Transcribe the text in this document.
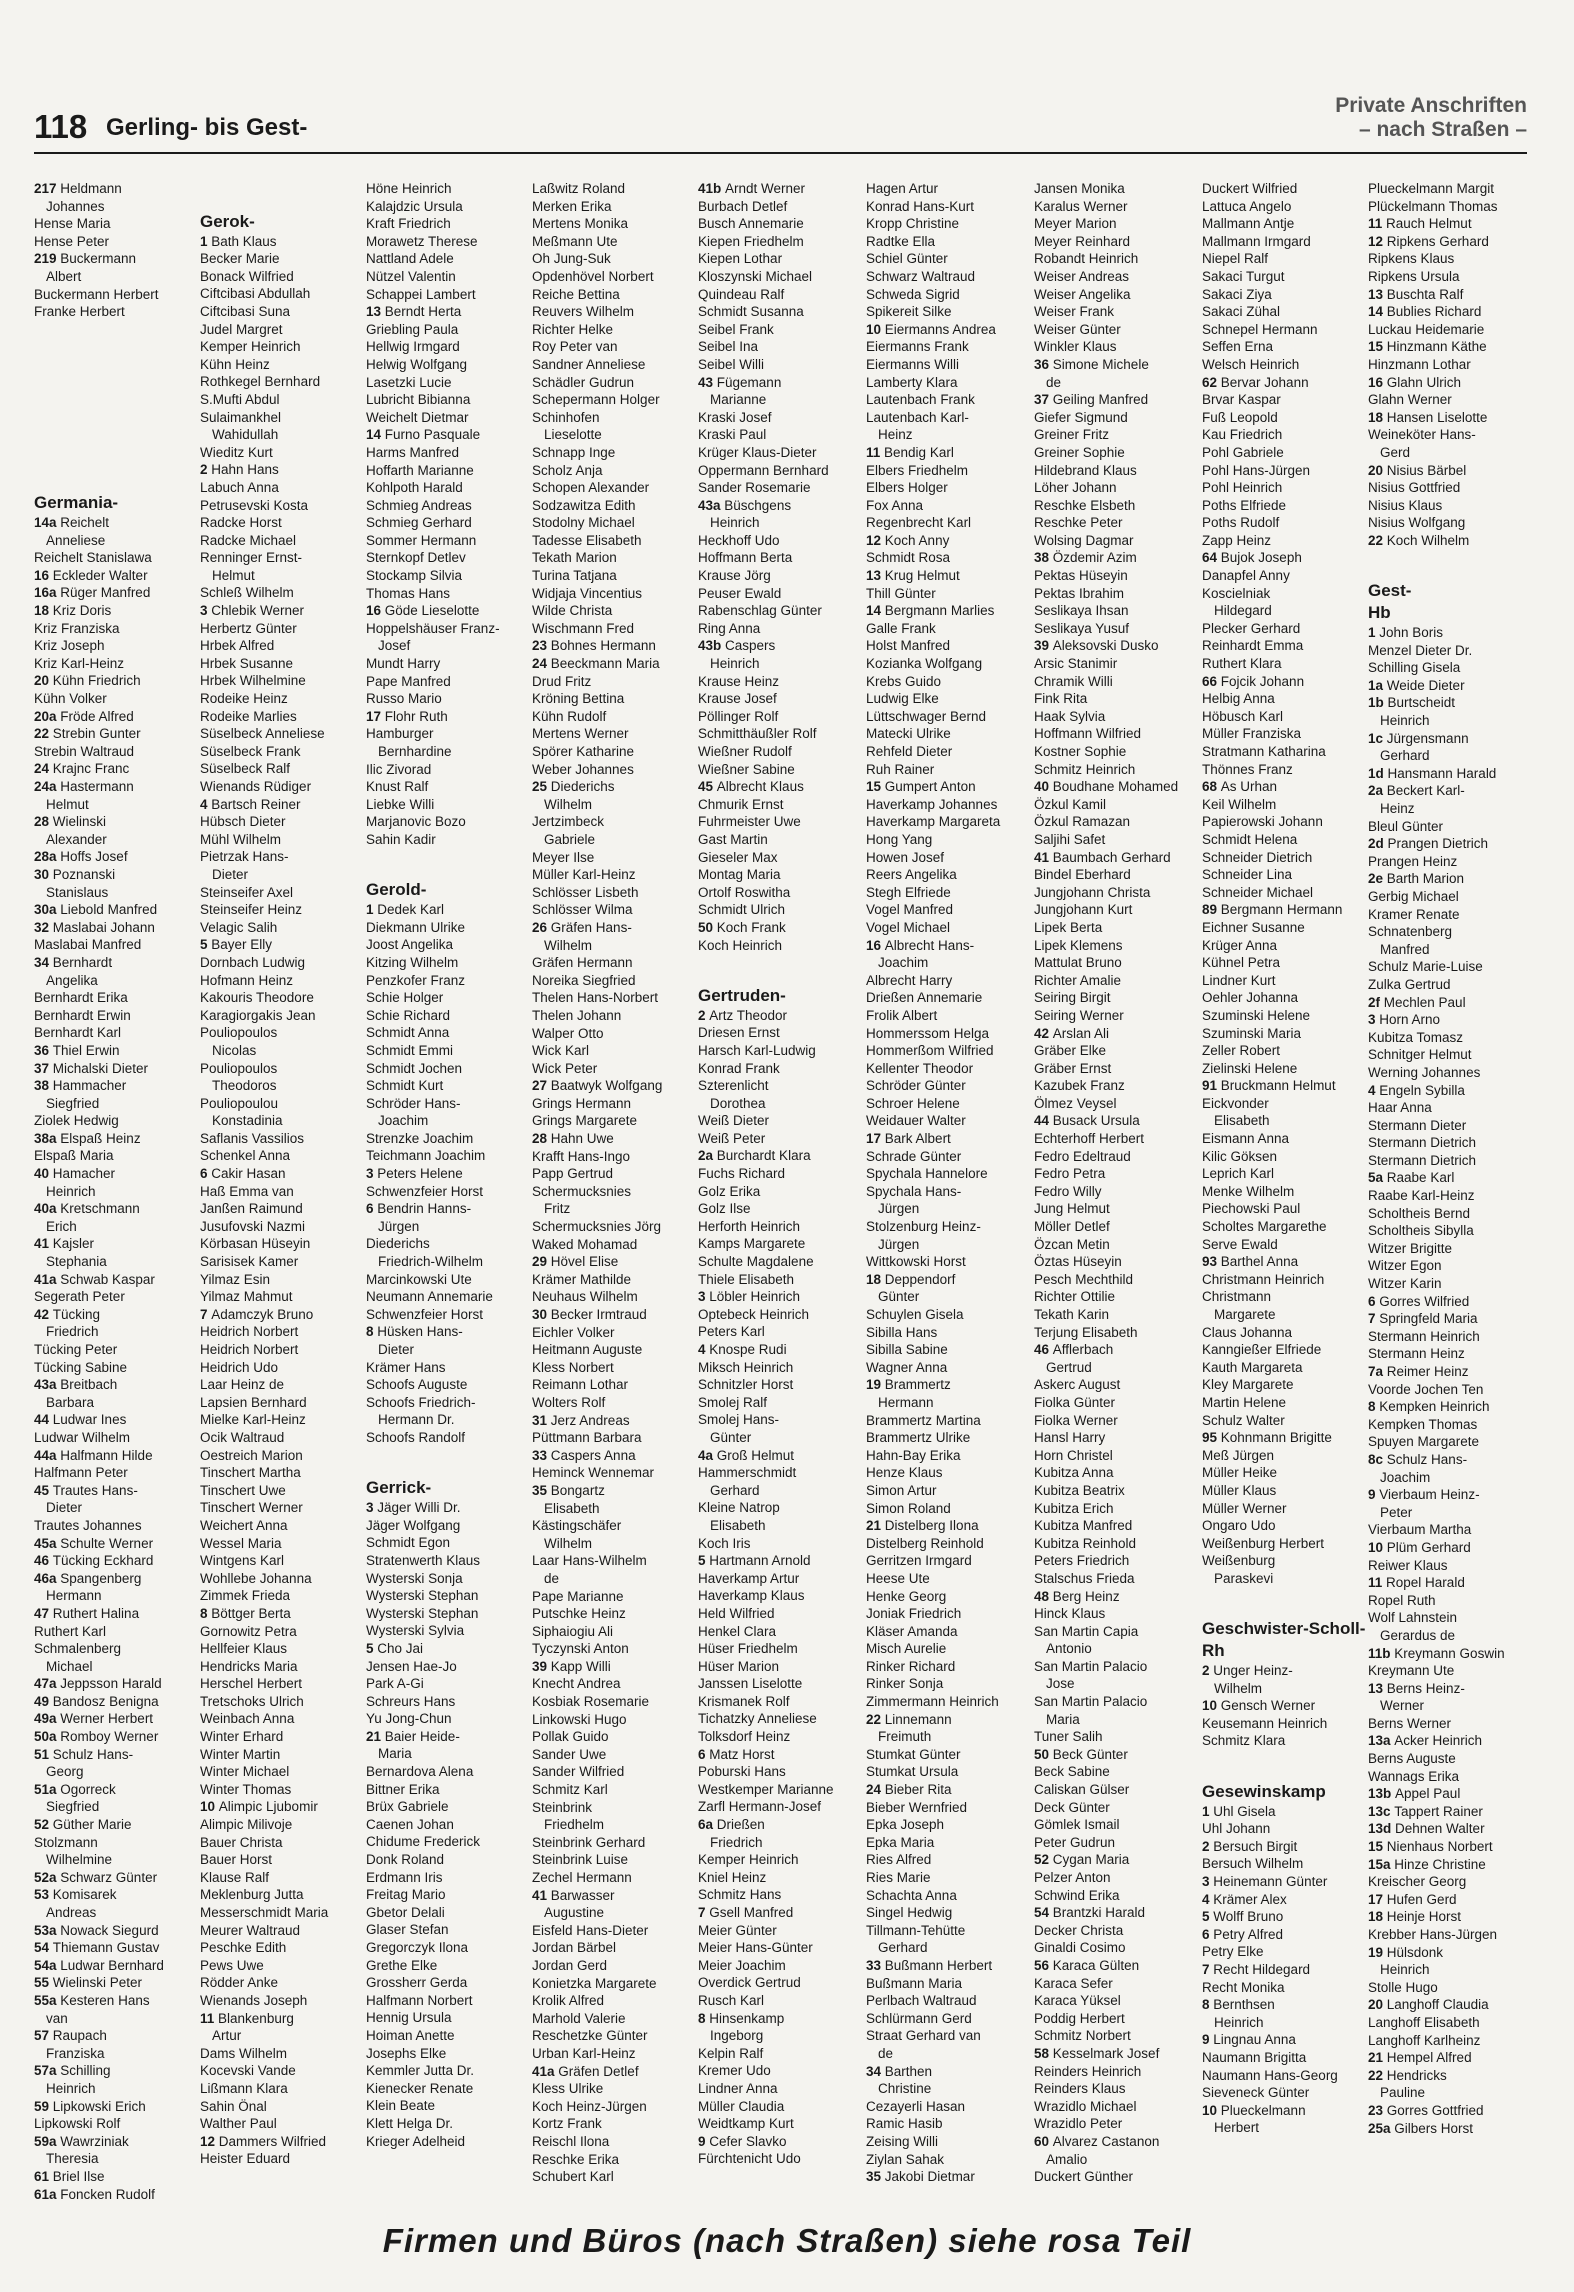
118 Gerling- bis Gest-
Private Anschriften
– nach Straßen –
217 Heldmann
Johannes
Hense Maria
Hense Peter
219 Buckermann
Albert
Buckermann Herbert
Franke Herbert
Germania-
14a Reichelt
Anneliese
Reichelt Stanislawa
16 Eckleder Walter
16a Rüger Manfred
18 Kriz Doris
Kriz Franziska
Kriz Joseph
Kriz Karl-Heinz
20 Kühn Friedrich
Kühn Volker
20a Fröde Alfred
22 Strebin Gunter
Strebin Waltraud
24 Krajnc Franc
24a Hastermann
Helmut
28 Wielinski
Alexander
28a Hoffs Josef
30 Poznanski
Stanislaus
30a Liebold Manfred
32 Maslabai Johann
Maslabai Manfred
34 Bernhardt
Angelika
Bernhardt Erika
Bernhardt Erwin
Bernhardt Karl
36 Thiel Erwin
37 Michalski Dieter
38 Hammacher
Siegfried
Ziolek Hedwig
38a Elspaß Heinz
Elspaß Maria
40 Hamacher
Heinrich
40a Kretschmann
Erich
41 Kajsler
Stephania
41a Schwab Kaspar
Segerath Peter
42 Tücking
Friedrich
Tücking Peter
Tücking Sabine
43a Breitbach
Barbara
44 Ludwar Ines
Ludwar Wilhelm
44a Halfmann Hilde
Halfmann Peter
45 Trautes Hans-
Dieter
Trautes Johannes
45a Schulte Werner
46 Tücking Eckhard
46a Spangenberg
Hermann
47 Ruthert Halina
Ruthert Karl
Schmalenberg
Michael
47a Jeppsson Harald
49 Bandosz Benigna
49a Werner Herbert
50a Romboy Werner
51 Schulz Hans-
Georg
51a Ogorreck
Siegfried
52 Güther Marie
Stolzmann
Wilhelmine
52a Schwarz Günter
53 Komisarek
Andreas
53a Nowack Siegurd
54 Thiemann Gustav
54a Ludwar Bernhard
55 Wielinski Peter
55a Kesteren Hans
van
57 Raupach
Franziska
57a Schilling
Heinrich
59 Lipkowski Erich
Lipkowski Rolf
59a Wawrziniak
Theresia
61 Briel Ilse
61a Foncken Rudolf
Gerok-
1 Bath Klaus
Becker Marie
Bonack Wilfried
Ciftcibasi Abdullah
Ciftcibasi Suna
Judel Margret
Kemper Heinrich
Kühn Heinz
Rothkegel Bernhard
S.Mufti Abdul
Sulaimankhel
Wahidullah
Wieditz Kurt
2 Hahn Hans
Labuch Anna
Petrusevski Kosta
Radcke Horst
Radcke Michael
Renninger Ernst-
Helmut
Schleß Wilhelm
3 Chlebik Werner
Herbertz Günter
Hrbek Alfred
Hrbek Susanne
Hrbek Wilhelmine
Rodeike Heinz
Rodeike Marlies
Süselbeck Anneliese
Süselbeck Frank
Süselbeck Ralf
Wienands Rüdiger
4 Bartsch Reiner
Hübsch Dieter
Mühl Wilhelm
Pietrzak Hans-
Dieter
Steinseifer Axel
Steinseifer Heinz
Velagic Salih
5 Bayer Elly
Dornbach Ludwig
Hofmann Heinz
Kakouris Theodore
Karagiorgakis Jean
Pouliopoulos
Nicolas
Pouliopoulos
Theodoros
Pouliopoulou
Konstadinia
Saflanis Vassilios
Schenkel Anna
6 Cakir Hasan
Haß Emma van
Janßen Raimund
Jusufovski Nazmi
Körbasan Hüseyin
Sarisisek Kamer
Yilmaz Esin
Yilmaz Mahmut
7 Adamczyk Bruno
Heidrich Norbert
Heidrich Norbert
Heidrich Udo
Laar Heinz de
Lapsien Bernhard
Mielke Karl-Heinz
Ocik Waltraud
Oestreich Marion
Tinschert Martha
Tinschert Uwe
Tinschert Werner
Weichert Anna
Wessel Maria
Wintgens Karl
Wohllebe Johanna
Zimmek Frieda
8 Böttger Berta
Gornowitz Petra
Hellfeier Klaus
Hendricks Maria
Herschel Herbert
Tretschoks Ulrich
Weinbach Anna
Winter Erhard
Winter Martin
Winter Michael
Winter Thomas
10 Alimpic Ljubomir
Alimpic Milivoje
Bauer Christa
Bauer Horst
Klause Ralf
Meklenburg Jutta
Messerschmidt Maria
Meurer Waltraud
Peschke Edith
Pews Uwe
Rödder Anke
Wienands Joseph
11 Blankenburg
Artur
Dams Wilhelm
Kocevski Vande
Lißmann Klara
Sahin Önal
Walther Paul
12 Dammers Wilfried
Heister Eduard
Höne Heinrich
Kalajdzic Ursula
Kraft Friedrich
Morawetz Therese
Nattland Adele
Nützel Valentin
Schappei Lambert
13 Berndt Herta
Griebling Paula
Hellwig Irmgard
Helwig Wolfgang
Lasetzki Lucie
Lubricht Bibianna
Weichelt Dietmar
14 Furno Pasquale
Harms Manfred
Hoffarth Marianne
Kohlpoth Harald
Schmieg Andreas
Schmieg Gerhard
Sommer Hermann
Sternkopf Detlev
Stockamp Silvia
Thomas Hans
16 Göde Lieselotte
Hoppelshäuser Franz-
Josef
Mundt Harry
Pape Manfred
Russo Mario
17 Flohr Ruth
Hamburger
Bernhardine
Ilic Zivorad
Knust Ralf
Liebke Willi
Marjanovic Bozo
Sahin Kadir
Gerold-
1 Dedek Karl
Diekmann Ulrike
Joost Angelika
Kitzing Wilhelm
Penzkofer Franz
Schie Holger
Schie Richard
Schmidt Anna
Schmidt Emmi
Schmidt Jochen
Schmidt Kurt
Schröder Hans-
Joachim
Strenzke Joachim
Teichmann Joachim
3 Peters Helene
Schwenzfeier Horst
6 Bendrin Hanns-
Jürgen
Diederichs
Friedrich-Wilhelm
Marcinkowski Ute
Neumann Annemarie
Schwenzfeier Horst
8 Hüsken Hans-
Dieter
Krämer Hans
Schoofs Auguste
Schoofs Friedrich-
Hermann Dr.
Schoofs Randolf
Gerrick-
3 Jäger Willi Dr.
Jäger Wolfgang
Schmidt Egon
Stratenwerth Klaus
Wysterski Sonja
Wysterski Stephan
Wysterski Stephan
Wysterski Sylvia
5 Cho Jai
Jensen Hae-Jo
Park A-Gi
Schreurs Hans
Yu Jong-Chun
21 Baier Heide-
Maria
Bernardova Alena
Bittner Erika
Brüx Gabriele
Caenen Johan
Chidume Frederick
Donk Roland
Erdmann Iris
Freitag Mario
Gbetor Delali
Glaser Stefan
Gregorczyk Ilona
Grethe Elke
Grossherr Gerda
Halfmann Norbert
Hennig Ursula
Hoiman Anette
Josephs Elke
Kemmler Jutta Dr.
Kienecker Renate
Klein Beate
Klett Helga Dr.
Krieger Adelheid
Laßwitz Roland
Merken Erika
Mertens Monika
Meßmann Ute
Oh Jung-Suk
Opdenhövel Norbert
Reiche Bettina
Reuvers Wilhelm
Richter Helke
Roy Peter van
Sandner Anneliese
Schädler Gudrun
Schepermann Holger
Schinhofen
Lieselotte
Schnapp Inge
Scholz Anja
Schopen Alexander
Sodzawitza Edith
Stodolny Michael
Tadesse Elisabeth
Tekath Marion
Turina Tatjana
Widjaja Vincentius
Wilde Christa
Wischmann Fred
23 Bohnes Hermann
24 Beeckmann Maria
Drud Fritz
Kröning Bettina
Kühn Rudolf
Mertens Werner
Spörer Katharine
Weber Johannes
25 Diederichs
Wilhelm
Jertzimbeck
Gabriele
Meyer Ilse
Müller Karl-Heinz
Schlösser Lisbeth
Schlösser Wilma
26 Gräfen Hans-
Wilhelm
Gräfen Hermann
Noreika Siegfried
Thelen Hans-Norbert
Thelen Johann
Walper Otto
Wick Karl
Wick Peter
27 Baatwyk Wolfgang
Grings Hermann
Grings Margarete
28 Hahn Uwe
Krafft Hans-Ingo
Papp Gertrud
Schermucksnies
Fritz
Schermucksnies Jörg
Waked Mohamad
29 Hövel Elise
Krämer Mathilde
Neuhaus Wilhelm
30 Becker Irmtraud
Eichler Volker
Heitmann Auguste
Kless Norbert
Reimann Lothar
Wolters Rolf
31 Jerz Andreas
Püttmann Barbara
33 Caspers Anna
Heminck Wennemar
35 Bongartz
Elisabeth
Kästingschäfer
Wilhelm
Laar Hans-Wilhelm
de
Pape Marianne
Putschke Heinz
Siphaiogiu Ali
Tyczynski Anton
39 Kapp Willi
Knecht Andrea
Kosbiak Rosemarie
Linkowski Hugo
Pollak Guido
Sander Uwe
Sander Wilfried
Schmitz Karl
Steinbrink
Friedhelm
Steinbrink Gerhard
Steinbrink Luise
Zechel Hermann
41 Barwasser
Augustine
Eisfeld Hans-Dieter
Jordan Bärbel
Jordan Gerd
Konietzka Margarete
Krolik Alfred
Marhold Valerie
Reschetzke Günter
Urban Karl-Heinz
41a Gräfen Detlef
Kless Ulrike
Koch Heinz-Jürgen
Kortz Frank
Reischl Ilona
Reschke Erika
Schubert Karl
41b Arndt Werner
Burbach Detlef
Busch Annemarie
Kiepen Friedhelm
Kiepen Lothar
Kloszynski Michael
Quindeau Ralf
Schmidt Susanna
Seibel Frank
Seibel Ina
Seibel Willi
43 Fügemann
Marianne
Kraski Josef
Kraski Paul
Krüger Klaus-Dieter
Oppermann Bernhard
Sander Rosemarie
43a Büschgens
Heinrich
Heckhoff Udo
Hoffmann Berta
Krause Jörg
Peuser Ewald
Rabenschlag Günter
Ring Anna
43b Caspers
Heinrich
Krause Heinz
Krause Josef
Pöllinger Rolf
Schmitthäußler Rolf
Wießner Rudolf
Wießner Sabine
45 Albrecht Klaus
Chmurik Ernst
Fuhrmeister Uwe
Gast Martin
Gieseler Max
Montag Maria
Ortolf Roswitha
Schmidt Ulrich
50 Koch Frank
Koch Heinrich
Gertruden-
2 Artz Theodor
Driesen Ernst
Harsch Karl-Ludwig
Konrad Frank
Szterenlicht
Dorothea
Weiß Dieter
Weiß Peter
2a Burchardt Klara
Fuchs Richard
Golz Erika
Golz Ilse
Herforth Heinrich
Kamps Margarete
Schulte Magdalene
Thiele Elisabeth
3 Löbler Heinrich
Optebeck Heinrich
Peters Karl
4 Knospe Rudi
Miksch Heinrich
Schnitzler Horst
Smolej Ralf
Smolej Hans-
Günter
4a Groß Helmut
Hammerschmidt
Gerhard
Kleine Natrop
Elisabeth
Koch Iris
5 Hartmann Arnold
Haverkamp Artur
Haverkamp Klaus
Held Wilfried
Henkel Clara
Hüser Friedhelm
Hüser Marion
Janssen Liselotte
Krismanek Rolf
Tichatzky Anneliese
Tolksdorf Heinz
6 Matz Horst
Poburski Hans
Westkemper Marianne
Zarfl Hermann-Josef
6a Drießen
Friedrich
Kemper Heinrich
Kniel Heinz
Schmitz Hans
7 Gsell Manfred
Meier Günter
Meier Hans-Günter
Meier Joachim
Overdick Gertrud
Rusch Karl
8 Hinsenkamp
Ingeborg
Kelpin Ralf
Kremer Udo
Lindner Anna
Müller Claudia
Weidtkamp Kurt
9 Cefer Slavko
Fürchtenicht Udo
Hagen Artur
Konrad Hans-Kurt
Kropp Christine
Radtke Ella
Schiel Günter
Schwarz Waltraud
Schweda Sigrid
Spikereit Silke
10 Eiermanns Andrea
Eiermanns Frank
Eiermanns Willi
Lamberty Klara
Lautenbach Frank
Lautenbach Karl-
Heinz
11 Bendig Karl
Elbers Friedhelm
Elbers Holger
Fox Anna
Regenbrecht Karl
12 Koch Anny
Schmidt Rosa
13 Krug Helmut
Thill Günter
14 Bergmann Marlies
Galle Frank
Holst Manfred
Kozianka Wolfgang
Krebs Guido
Ludwig Elke
Lüttschwager Bernd
Matecki Ulrike
Rehfeld Dieter
Ruh Rainer
15 Gumpert Anton
Haverkamp Johannes
Haverkamp Margareta
Hong Yang
Howen Josef
Reers Angelika
Stegh Elfriede
Vogel Manfred
Vogel Michael
16 Albrecht Hans-
Joachim
Albrecht Harry
Drießen Annemarie
Frolik Albert
Hommerssom Helga
Hommerßom Wilfried
Kellenter Theodor
Schröder Günter
Schroer Helene
Weidauer Walter
17 Bark Albert
Schrade Günter
Spychala Hannelore
Spychala Hans-
Jürgen
Stolzenburg Heinz-
Jürgen
Wittkowski Horst
18 Deppendorf
Günter
Schuylen Gisela
Sibilla Hans
Sibilla Sabine
Wagner Anna
19 Brammertz
Hermann
Brammertz Martina
Brammertz Ulrike
Hahn-Bay Erika
Henze Klaus
Simon Artur
Simon Roland
21 Distelberg Ilona
Distelberg Reinhold
Gerritzen Irmgard
Heese Ute
Henke Georg
Joniak Friedrich
Kläser Amanda
Misch Aurelie
Rinker Richard
Rinker Sonja
Zimmermann Heinrich
22 Linnemann
Freimuth
Stumkat Günter
Stumkat Ursula
24 Bieber Rita
Bieber Wernfried
Epka Joseph
Epka Maria
Ries Alfred
Ries Marie
Schachta Anna
Singel Hedwig
Tillmann-Tehütte
Gerhard
33 Bußmann Herbert
Bußmann Maria
Perlbach Waltraud
Schlürmann Gerd
Straat Gerhard van
de
34 Barthen
Christine
Cezayerli Hasan
Ramic Hasib
Zeising Willi
Ziylan Sahak
35 Jakobi Dietmar
Jansen Monika
Karalus Werner
Meyer Marion
Meyer Reinhard
Robandt Heinrich
Weiser Andreas
Weiser Angelika
Weiser Frank
Weiser Günter
Winkler Klaus
36 Simone Michele
de
37 Geiling Manfred
Giefer Sigmund
Greiner Fritz
Greiner Sophie
Hildebrand Klaus
Löher Johann
Reschke Elsbeth
Reschke Peter
Wolsing Dagmar
38 Özdemir Azim
Pektas Hüseyin
Pektas Ibrahim
Seslikaya Ihsan
Seslikaya Yusuf
39 Aleksovski Dusko
Arsic Stanimir
Chramik Willi
Fink Rita
Haak Sylvia
Hoffmann Wilfried
Kostner Sophie
Schmitz Heinrich
40 Boudhane Mohamed
Özkul Kamil
Özkul Ramazan
Saljihi Safet
41 Baumbach Gerhard
Bindel Eberhard
Jungjohann Christa
Jungjohann Kurt
Lipek Berta
Lipek Klemens
Mattulat Bruno
Richter Amalie
Seiring Birgit
Seiring Werner
42 Arslan Ali
Gräber Elke
Gräber Ernst
Kazubek Franz
Ölmez Veysel
44 Busack Ursula
Echterhoff Herbert
Fedro Edeltraud
Fedro Petra
Fedro Willy
Jung Helmut
Möller Detlef
Özcan Metin
Öztas Hüseyin
Pesch Mechthild
Richter Ottilie
Tekath Karin
Terjung Elisabeth
46 Afflerbach
Gertrud
Askerc August
Fiolka Günter
Fiolka Werner
Hansl Harry
Horn Christel
Kubitza Anna
Kubitza Beatrix
Kubitza Erich
Kubitza Manfred
Kubitza Reinhold
Peters Friedrich
Stalschus Frieda
48 Berg Heinz
Hinck Klaus
San Martin Capia
Antonio
San Martin Palacio
Jose
San Martin Palacio
Maria
Tuner Salih
50 Beck Günter
Beck Sabine
Caliskan Gülser
Deck Günter
Gömlek Ismail
Peter Gudrun
52 Cygan Maria
Pelzer Anton
Schwind Erika
54 Brantzki Harald
Decker Christa
Ginaldi Cosimo
56 Karaca Gülten
Karaca Sefer
Karaca Yüksel
Poddig Herbert
Schmitz Norbert
58 Kesselmark Josef
Reinders Heinrich
Reinders Klaus
Wrazidlo Michael
Wrazidlo Peter
60 Alvarez Castanon
Amalio
Duckert Günther
Duckert Wilfried
Lattuca Angelo
Mallmann Antje
Mallmann Irmgard
Niepel Ralf
Sakaci Turgut
Sakaci Ziya
Sakaci Zühal
Schnepel Hermann
Seffen Erna
Welsch Heinrich
62 Bervar Johann
Brvar Kaspar
Fuß Leopold
Kau Friedrich
Pohl Gabriele
Pohl Hans-Jürgen
Pohl Heinrich
Poths Elfriede
Poths Rudolf
Zapp Heinz
64 Bujok Joseph
Danapfel Anny
Koscielniak
Hildegard
Plecker Gerhard
Reinhardt Emma
Ruthert Klara
66 Fojcik Johann
Helbig Anna
Höbusch Karl
Müller Franziska
Stratmann Katharina
Thönnes Franz
68 As Urhan
Keil Wilhelm
Papierowski Johann
Schmidt Helena
Schneider Dietrich
Schneider Lina
Schneider Michael
89 Bergmann Hermann
Eichner Susanne
Krüger Anna
Kühnel Petra
Lindner Kurt
Oehler Johanna
Szuminski Helene
Szuminski Maria
Zeller Robert
Zielinski Helene
91 Bruckmann Helmut
Eickvonder
Elisabeth
Eismann Anna
Kilic Göksen
Leprich Karl
Menke Wilhelm
Piechowski Paul
Scholtes Margarethe
Serve Ewald
93 Barthel Anna
Christmann Heinrich
Christmann
Margarete
Claus Johanna
Kanngießer Elfriede
Kauth Margareta
Kley Margarete
Martin Helene
Schulz Walter
95 Kohnmann Brigitte
Meß Jürgen
Müller Heike
Müller Klaus
Müller Werner
Ongaro Udo
Weißenburg Herbert
Weißenburg
Paraskevi
Geschwister-Scholl-
Rh
2 Unger Heinz-
Wilhelm
10 Gensch Werner
Keusemann Heinrich
Schmitz Klara
Gesewinskamp
1 Uhl Gisela
Uhl Johann
2 Bersuch Birgit
Bersuch Wilhelm
3 Heinemann Günter
4 Krämer Alex
5 Wolff Bruno
6 Petry Alfred
Petry Elke
7 Recht Hildegard
Recht Monika
8 Bernthsen
Heinrich
9 Lingnau Anna
Naumann Brigitta
Naumann Hans-Georg
Sieveneck Günter
10 Plueckelmann
Herbert
Plueckelmann Margit
Plückelmann Thomas
11 Rauch Helmut
12 Ripkens Gerhard
Ripkens Klaus
Ripkens Ursula
13 Buschta Ralf
14 Bublies Richard
Luckau Heidemarie
15 Hinzmann Käthe
Hinzmann Lothar
16 Glahn Ulrich
Glahn Werner
18 Hansen Liselotte
Weineköter Hans-
Gerd
20 Nisius Bärbel
Nisius Gottfried
Nisius Klaus
Nisius Wolfgang
22 Koch Wilhelm
Gest-
Hb
1 John Boris
Menzel Dieter Dr.
Schilling Gisela
1a Weide Dieter
1b Burtscheidt
Heinrich
1c Jürgensmann
Gerhard
1d Hansmann Harald
2a Beckert Karl-
Heinz
Bleul Günter
2d Prangen Dietrich
Prangen Heinz
2e Barth Marion
Gerbig Michael
Kramer Renate
Schnatenberg
Manfred
Schulz Marie-Luise
Zulka Gertrud
2f Mechlen Paul
3 Horn Arno
Kubitza Tomasz
Schnitger Helmut
Werning Johannes
4 Engeln Sybilla
Haar Anna
Stermann Dieter
Stermann Dietrich
Stermann Dietrich
5a Raabe Karl
Raabe Karl-Heinz
Scholtheis Bernd
Scholtheis Sibylla
Witzer Brigitte
Witzer Egon
Witzer Karin
6 Gorres Wilfried
7 Springfeld Maria
Stermann Heinrich
Stermann Heinz
7a Reimer Heinz
Voorde Jochen Ten
8 Kempken Heinrich
Kempken Thomas
Spuyen Margarete
8c Schulz Hans-
Joachim
9 Vierbaum Heinz-
Peter
Vierbaum Martha
10 Plüm Gerhard
Reiwer Klaus
11 Ropel Harald
Ropel Ruth
Wolf Lahnstein
Gerardus de
11b Kreymann Goswin
Kreymann Ute
13 Berns Heinz-
Werner
Berns Werner
13a Acker Heinrich
Berns Auguste
Wannags Erika
13b Appel Paul
13c Tappert Rainer
13d Dehnen Walter
15 Nienhaus Norbert
15a Hinze Christine
Kreischer Georg
17 Hufen Gerd
18 Heinje Horst
Krebber Hans-Jürgen
19 Hülsdonk
Heinrich
Stolle Hugo
20 Langhoff Claudia
Langhoff Elisabeth
Langhoff Karlheinz
21 Hempel Alfred
22 Hendricks
Pauline
23 Gorres Gottfried
25a Gilbers Horst
Firmen und Büros (nach Straßen) siehe rosa Teil
